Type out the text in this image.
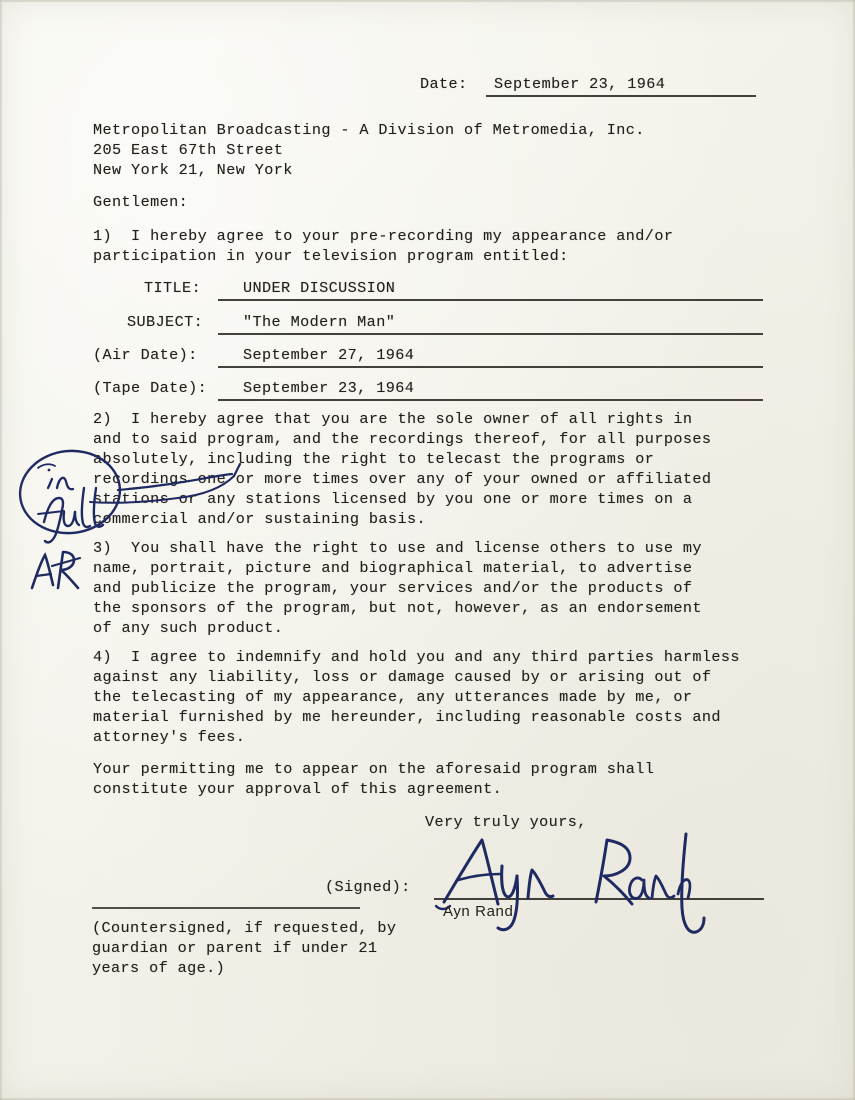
Date: September 23, 1964
Metropolitan Broadcasting - A Division of Metromedia, Inc.
205 East 67th Street
New York 21, New York
Gentlemen:
1)  I hereby agree to your pre-recording my appearance and/or
participation in your television program entitled:
TITLE:	UNDER DISCUSSION
SUBJECT:	"The Modern Man"
(Air Date):	September 27, 1964
(Tape Date): September 23, 1964
2)  I hereby agree that you are the sole owner of all rights in
and to said program, and the recordings thereof, for all purposes
absolutely, including the right to telecast the programs or
recordings one or more times over any of your owned or affiliated
stations or any stations licensed by you one or more times on a
commercial and/or sustaining basis.
3)  You shall have the right to use and license others to use my
name, portrait, picture and biographical material, to advertise
and publicize the program, your services and/or the products of
the sponsors of the program, but not, however, as an endorsement
of any such product.
4)  I agree to indemnify and hold you and any third parties harmless
against any liability, loss or damage caused by or arising out of
the telecasting of my appearance, any utterances made by me, or
material furnished by me hereunder, including reasonable costs and
attorney's fees.
Your permitting me to appear on the aforesaid program shall
constitute your approval of this agreement.
Very truly yours,
(Signed):
Ayn Rand
(Countersigned, if requested, by
guardian or parent if under 21
years of age.)
